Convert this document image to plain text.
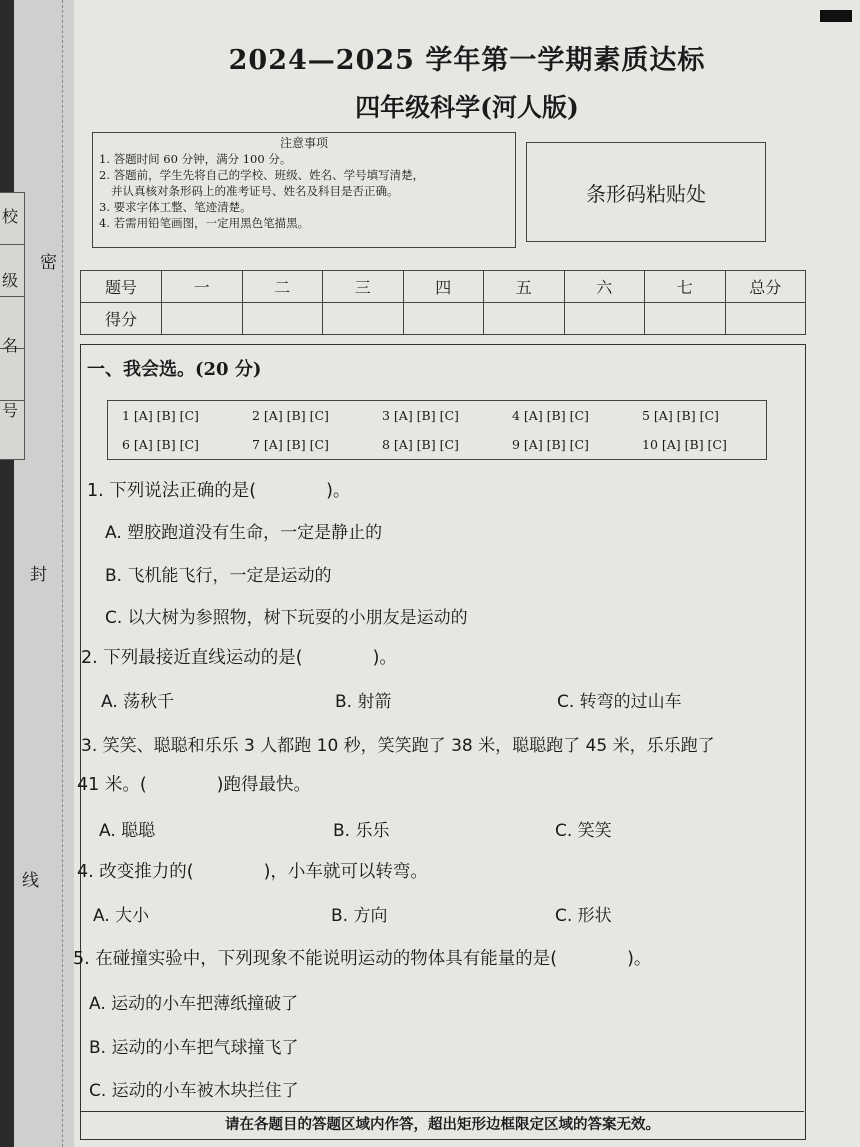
校
级
名
号
密
封
线
2024—2025 学年第一学期素质达标
四年级科学(河人版)
注意事项
1. 答题时间 60 分钟，满分 100 分。
2. 答题前，学生先将自己的学校、班级、姓名、学号填写清楚，
并认真核对条形码上的准考证号、姓名及科目是否正确。
3. 要求字体工整、笔迹清楚。
4. 若需用铅笔画图，一定用黑色笔描黑。
条形码粘贴处
题号	一	二	三	四	五	六	七	总分
得分								
一、我会选。(20 分)
1 [A] [B] [C]	2 [A] [B] [C]	3 [A] [B] [C]	4 [A] [B] [C]	5 [A] [B] [C]
6 [A] [B] [C]	7 [A] [B] [C]	8 [A] [B] [C]	9 [A] [B] [C]	10 [A] [B] [C]
1. 下列说法正确的是(　　　　)。
A. 塑胶跑道没有生命，一定是静止的
B. 飞机能飞行，一定是运动的
C. 以大树为参照物，树下玩耍的小朋友是运动的
2. 下列最接近直线运动的是(　　　　)。
A. 荡秋千	B. 射箭	C. 转弯的过山车
3. 笑笑、聪聪和乐乐 3 人都跑 10 秒，笑笑跑了 38 米，聪聪跑了 45 米，乐乐跑了
41 米。(　　　　)跑得最快。
A. 聪聪	B. 乐乐	C. 笑笑
4. 改变推力的(　　　　)，小车就可以转弯。
A. 大小	B. 方向	C. 形状
5. 在碰撞实验中，下列现象不能说明运动的物体具有能量的是(　　　　)。
A. 运动的小车把薄纸撞破了
B. 运动的小车把气球撞飞了
C. 运动的小车被木块拦住了
请在各题目的答题区域内作答，超出矩形边框限定区域的答案无效。
